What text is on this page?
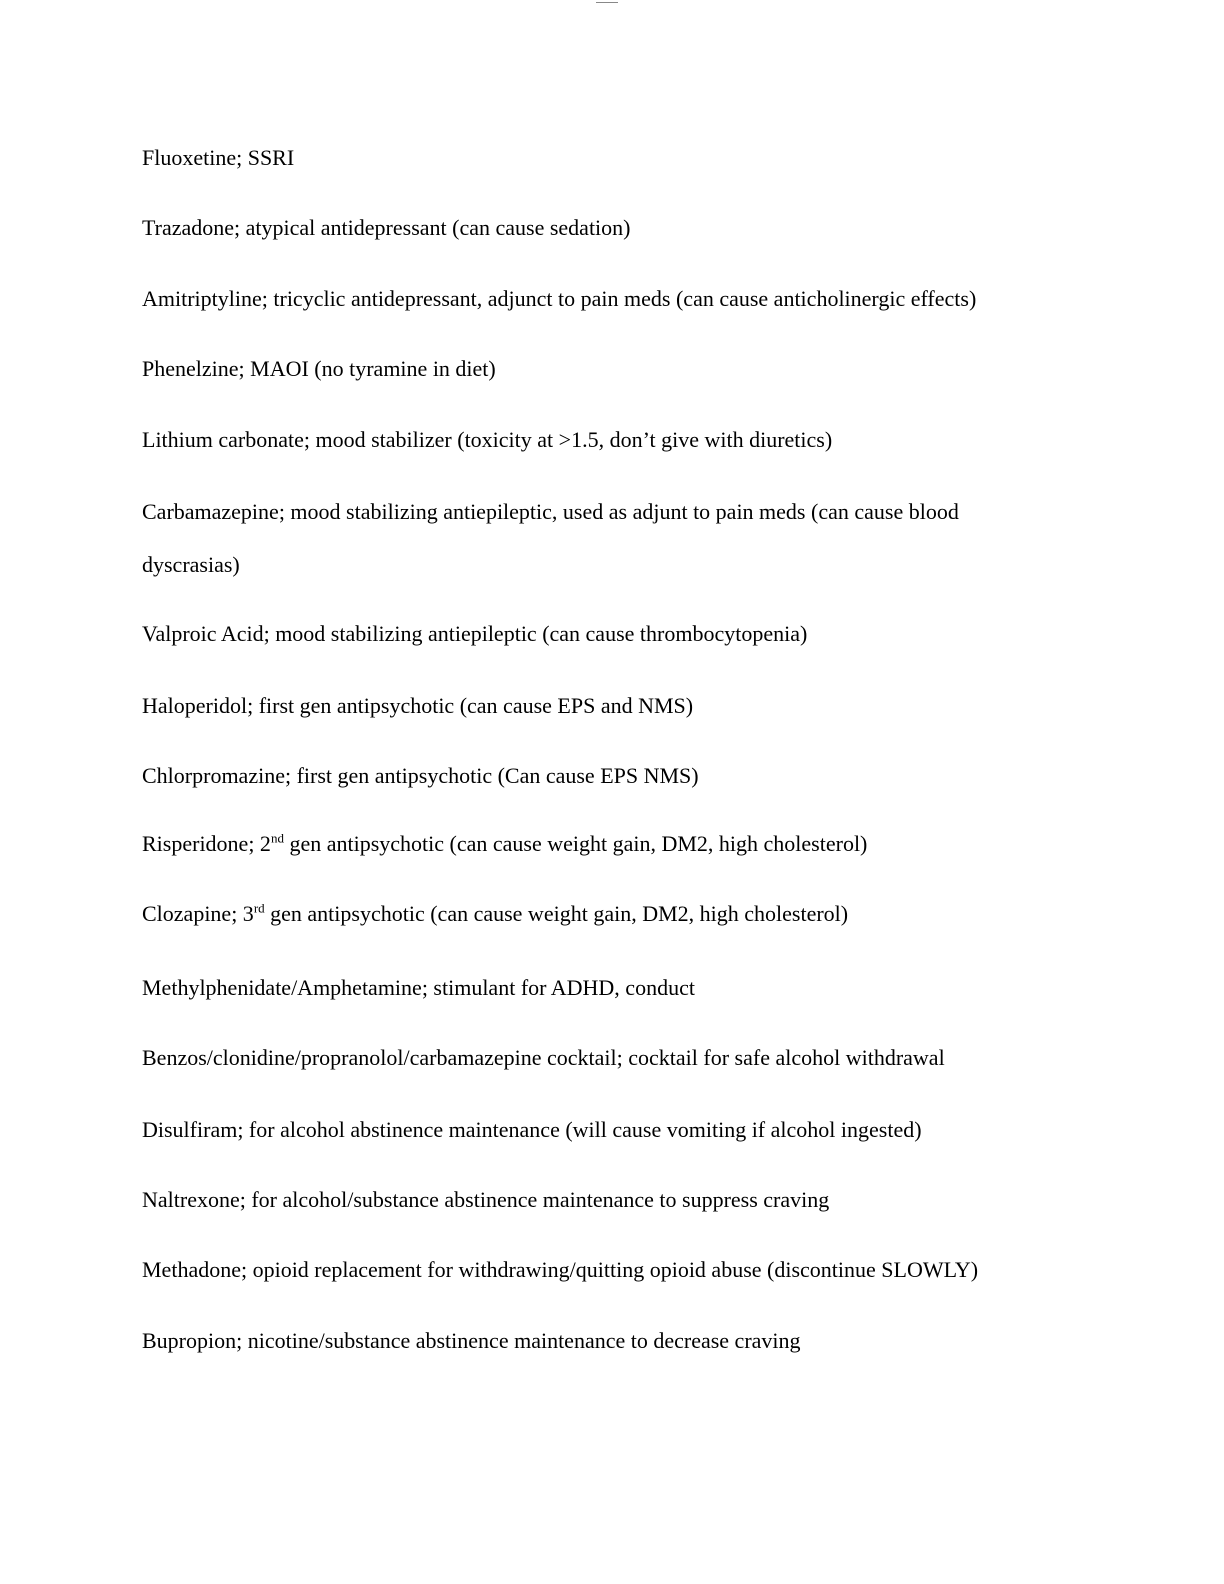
Fluoxetine; SSRI
Trazadone; atypical antidepressant (can cause sedation)
Amitriptyline; tricyclic antidepressant, adjunct to pain meds (can cause anticholinergic effects)
Phenelzine; MAOI (no tyramine in diet)
Lithium carbonate; mood stabilizer (toxicity at >1.5, don’t give with diuretics)
Carbamazepine; mood stabilizing antiepileptic, used as adjunt to pain meds (can cause blood dyscrasias)
Valproic Acid; mood stabilizing antiepileptic (can cause thrombocytopenia)
Haloperidol; first gen antipsychotic (can cause EPS and NMS)
Chlorpromazine; first gen antipsychotic (Can cause EPS NMS)
Risperidone; 2nd gen antipsychotic (can cause weight gain, DM2, high cholesterol)
Clozapine; 3rd gen antipsychotic (can cause weight gain, DM2, high cholesterol)
Methylphenidate/Amphetamine; stimulant for ADHD, conduct
Benzos/clonidine/propranolol/carbamazepine cocktail; cocktail for safe alcohol withdrawal
Disulfiram; for alcohol abstinence maintenance (will cause vomiting if alcohol ingested)
Naltrexone; for alcohol/substance abstinence maintenance to suppress craving
Methadone; opioid replacement for withdrawing/quitting opioid abuse (discontinue SLOWLY)
Bupropion; nicotine/substance abstinence maintenance to decrease craving
